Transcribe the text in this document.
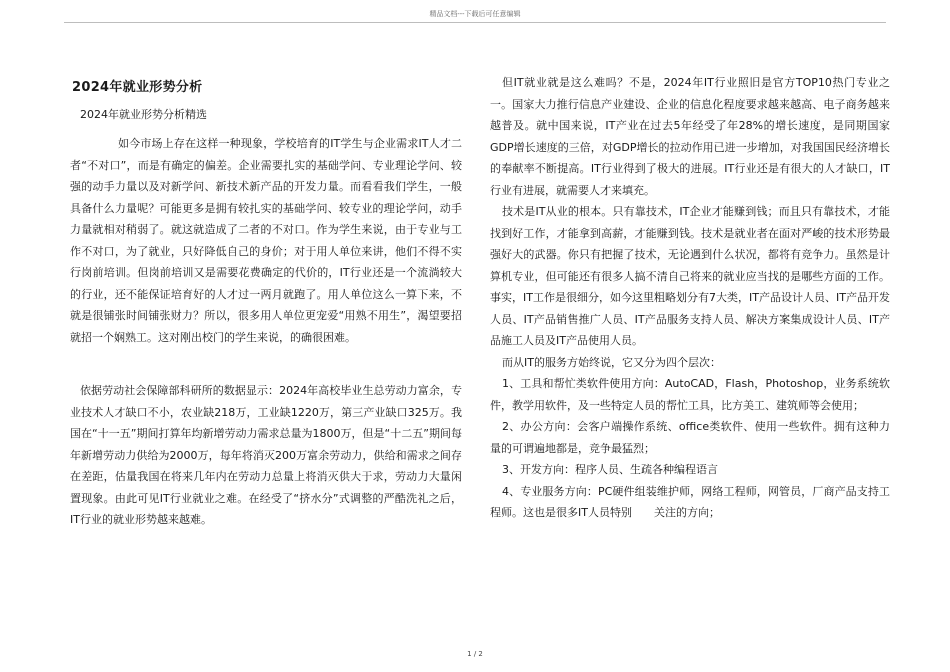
精品文档---下载后可任意编辑
2024年就业形势分析
2024年就业形势分析精选

如今市场上存在这样一种现象，学校培育的IT学生与企业需求IT人才二者“不对口”，而是有确定的偏差。企业需要扎实的基础学问、专业理论学问、较强的动手力量以及对新学问、新技术新产品的开发力量。而看看我们学生，一般具备什么力量呢？可能更多是拥有较扎实的基础学问、较专业的理论学问，动手力量就相对稍弱了。就这就造成了二者的不对口。作为学生来说，由于专业与工作不对口，为了就业，只好降低自己的身价；对于用人单位来讲，他们不得不实行岗前培训。但岗前培训又是需要花费确定的代价的，IT行业还是一个流淌较大的行业，还不能保证培育好的人才过一两月就跑了。用人单位这么一算下来，不就是很铺张时间铺张财力？所以，很多用人单位更宠爱“用熟不用生”，渴望要招就招一个娴熟工。这对刚出校门的学生来说，的确很困难。

依据劳动社会保障部科研所的数据显示：2024年高校毕业生总劳动力富余，专业技术人才缺口不小，农业缺218万，工业缺1220万，第三产业缺口325万。我国在“十一五”期间打算年均新增劳动力需求总量为1800万，但是“十二五”期间每年新增劳动力供给为2000万，每年将消灭200万富余劳动力，供给和需求之间存在差距，估量我国在将来几年内在劳动力总量上将消灭供大于求，劳动力大量闲置现象。由此可见IT行业就业之难。在经受了“挤水分”式调整的严酷洗礼之后，IT行业的就业形势越来越难。

但IT就业就是这么难吗？不是，2024年IT行业照旧是官方TOP10热门专业之一。国家大力推行信息产业建设、企业的信息化程度要求越来越高、电子商务越来越普及。就中国来说，IT产业在过去5年经受了年28%的增长速度，是同期国家GDP增长速度的三倍，对GDP增长的拉动作用已进一步增加，对我国国民经济增长的奉献率不断提高。IT行业得到了极大的进展。IT行业还是有很大的人才缺口，IT行业有进展，就需要人才来填充。

技术是IT从业的根本。只有靠技术，IT企业才能赚到钱；而且只有靠技术，才能找到好工作，才能拿到高薪，才能赚到钱。技术是就业者在面对严峻的技术形势最强好大的武器。你只有把握了技术，无论遇到什么状况，都将有竞争力。虽然是计算机专业，但可能还有很多人搞不清自己将来的就业应当找的是哪些方面的工作。事实，IT工作是很细分，如今这里粗略划分有7大类，IT产品设计人员、IT产品开发人员、IT产品销售推广人员、IT产品服务支持人员、解决方案集成设计人员、IT产品施工人员及IT产品使用人员。

而从IT的服务方始终说，它又分为四个层次：

1、工具和帮忙类软件使用方向：AutoCAD，Flash，Photoshop，业务系统软件，教学用软件，及一些特定人员的帮忙工具，比方美工、建筑师等会使用；

2、办公方向：会客户端操作系统、office类软件、使用一些软件。拥有这种力量的可谓遍地都是，竞争最猛烈；

3、开发方向：程序人员、生疏各种编程语言

4、专业服务方向：PC硬件组装维护师，网络工程师，网管员，厂商产品支持工程师。这也是很多IT人员特别　　关注的方向；

1 / 2
